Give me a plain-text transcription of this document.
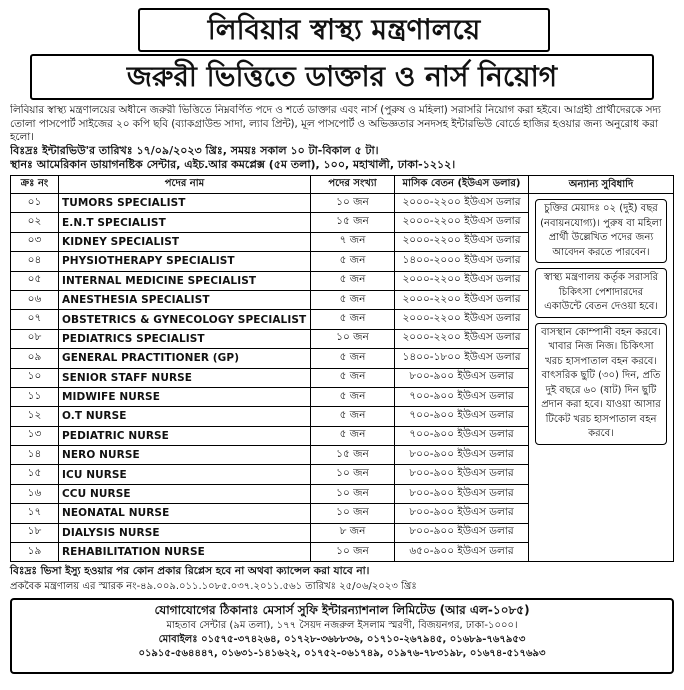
লিবিয়ার স্বাস্থ্য মন্ত্রণালয়ে
জরুরী ভিত্তিতে ডাক্তার ও নার্স নিয়োগ
লিবিয়ার স্বাস্থ্য মন্ত্রণালয়ের অধীনে জরুরী ভিত্তিতে নিম্নবর্ণিত পদে ও শর্তে ডাক্তার এবং নার্স (পুরুষ ও মহিলা) সরাসরি নিয়োগ করা হইবে। আগ্রহী প্রার্থীদেরকে সদ্য তোলা পাসপোর্ট সাইজের ২০ কপি ছবি (ব্যাকগ্রাউন্ড সাদা, ল্যাব প্রিন্ট), মূল পাসপোর্ট ও অভিজ্ঞতার সনদসহ ইন্টারভিউ বোর্ডে হাজির হওয়ার জন্য অনুরোধ করা হলো।
বিঃদ্রঃ ইন্টারভিউ'র তারিখঃ ১৭/০৯/২০২৩ খ্রিঃ, সময়ঃ সকাল ১০ টা-বিকাল ৫ টা।
স্থানঃ আমেরিকান ডায়াগনষ্টিক সেন্টার, এইচ.আর কমপ্লেক্স (৫ম তলা), ১০০, মহাখালী, ঢাকা-১২১২।
ক্রঃ নং	পদের নাম	পদের সংখ্যা	মাসিক বেতন (ইউএস ডলার)
০১	TUMORS SPECIALIST	১০ জন	২০০০-২২০০ ইউএস ডলার
০২	E.N.T SPECIALIST	১৫ জন	২০০০-২২০০ ইউএস ডলার
০৩	KIDNEY SPECIALIST	৭ জন	২০০০-২২০০ ইউএস ডলার
০৪	PHYSIOTHERAPY SPECIALIST	৫ জন	১৪০০-২০০০ ইউএস ডলার
০৫	INTERNAL MEDICINE SPECIALIST	৫ জন	২০০০-২২০০ ইউএস ডলার
০৬	ANESTHESIA SPECIALIST	৫ জন	২০০০-২২০০ ইউএস ডলার
০৭	OBSTETRICS & GYNECOLOGY SPECIALIST	৫ জন	২০০০-২২০০ ইউএস ডলার
০৮	PEDIATRICS SPECIALIST	১০ জন	২০০০-২২০০ ইউএস ডলার
০৯	GENERAL PRACTITIONER (GP)	৫ জন	১৪০০-১৮০০ ইউএস ডলার
১০	SENIOR STAFF NURSE	৫ জন	৮০০-৯০০ ইউএস ডলার
১১	MIDWIFE NURSE	৫ জন	৭০০-৯০০ ইউএস ডলার
১২	O.T NURSE	৫ জন	৭০০-৯০০ ইউএস ডলার
১৩	PEDIATRIC NURSE	৫ জন	৭০০-৯০০ ইউএস ডলার
১৪	NERO NURSE	১৫ জন	৮০০-৯০০ ইউএস ডলার
১৫	ICU NURSE	১০ জন	৮০০-৯০০ ইউএস ডলার
১৬	CCU NURSE	১০ জন	৮০০-৯০০ ইউএস ডলার
১৭	NEONATAL NURSE	১০ জন	৮০০-৯০০ ইউএস ডলার
১৮	DIALYSIS NURSE	৮ জন	৮০০-৯০০ ইউএস ডলার
১৯	REHABILITATION NURSE	১০ জন	৬৫০-৯০০ ইউএস ডলার
অন্যান্য সুবিধাদি
চুক্তির মেয়াদঃ ০২ (দুই) বছর (নবায়নযোগ্য)। পুরুষ বা মহিলা প্রার্থী উল্লেখিত পদের জন্য আবেদন করতে পারবেন।
স্বাস্থ্য মন্ত্রণালয় কর্তৃক সরাসরি চিকিৎসা পেশাদারদের একাউন্টে বেতন দেওয়া হবে।
বাসস্থান কোম্পানী বহন করবে। খাবার নিজ নিজ। চিকিৎসা খরচ হাসপাতাল বহন করবে। বাৎসরিক ছুটি (৩০) দিন, প্রতি দুই বছরে ৬০ (ষাট) দিন ছুটি প্রদান করা হবে। যাওয়া আসার টিকেট খরচ হাসপাতাল বহন করবে।
বিঃদ্রঃ ভিসা ইস্যু হওয়ার পর কোন প্রকার রিপ্লেস হবে না অথবা ক্যান্সেল করা যাবে না।
প্রকবৈক মন্ত্রণালয় এর স্মারক নং-৪৯.০০৯.০১১.১০৮৫.০৩৭.২০১১.৫৬১ তারিখঃ ২৫/০৬/২০২৩ খ্রিঃ
যোগাযোগের ঠিকানাঃ মেসার্স সুফি ইন্টারন্যাশনাল লিমিটেড (আর এল-১০৮৫)
মাহতাব সেন্টার (৯ম তলা), ১৭৭ সৈয়দ নজরুল ইসলাম স্মরণী, বিজয়নগর, ঢাকা-১০০০।
মোবাইলঃ ০১৫৭৫-৩৭৪২৬৪, ০১৭২৮-৩৬৮৮৩৬, ০১৭১০-২৬৭৯৪৫, ০১৬৮৯-৭৬৭৯৫৩
০১৯১৫-৫৬৪৪৪৭, ০১৬৩১-১৪১৬২২, ০১৭৫২-০৬১৭৪৯, ০১৯৭৬-৭৮৩১৯৮, ০১৬৭৪-৫১৭৬৯৩
